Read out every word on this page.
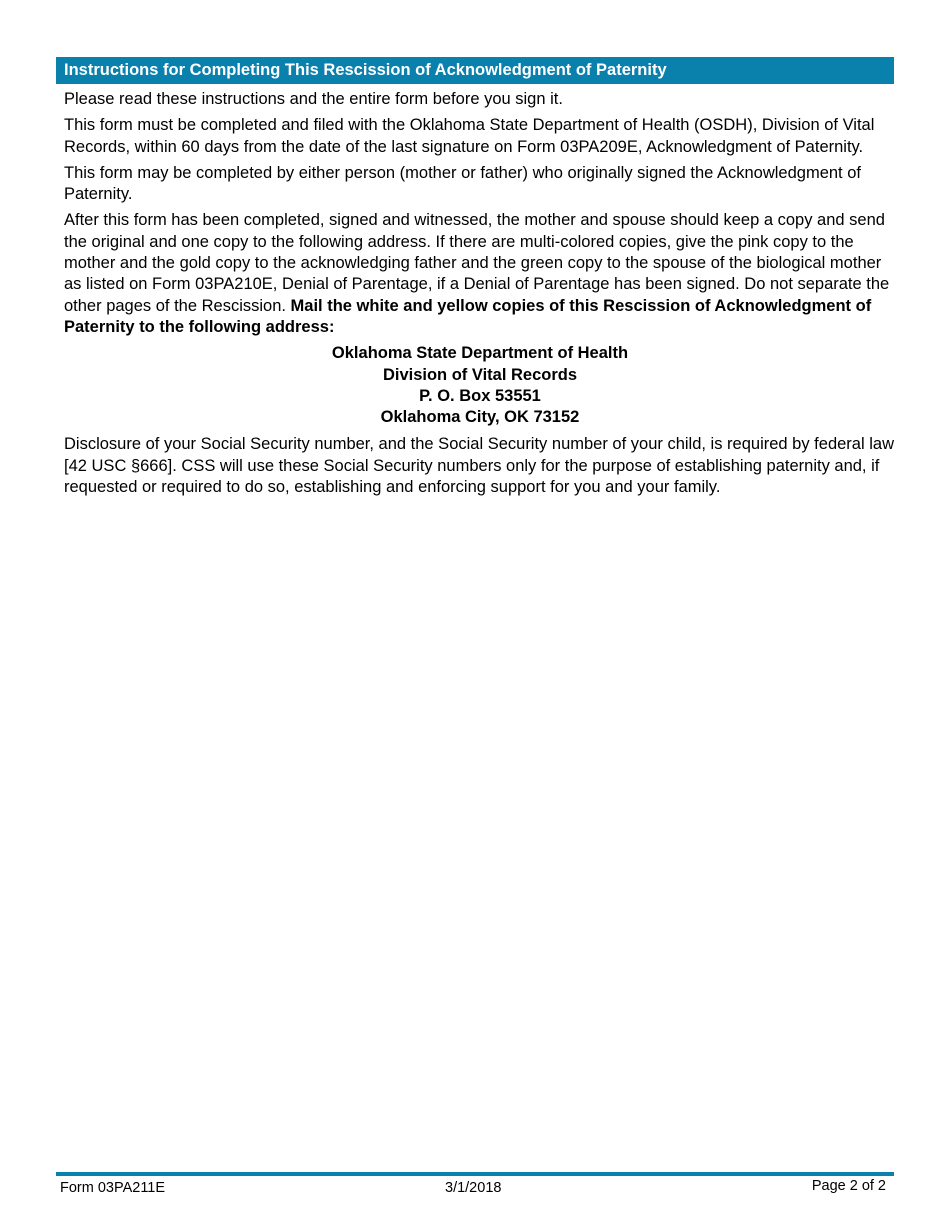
Instructions for Completing This Rescission of Acknowledgment of Paternity

Please read these instructions and the entire form before you sign it.

This form must be completed and filed with the Oklahoma State Department of Health (OSDH), Division of Vital Records, within 60 days from the date of the last signature on Form 03PA209E, Acknowledgment of Paternity.

This form may be completed by either person (mother or father) who originally signed the Acknowledgment of Paternity.

After this form has been completed, signed and witnessed, the mother and spouse should keep a copy and send the original and one copy to the following address. If there are multi-colored copies, give the pink copy to the mother and the gold copy to the acknowledging father and the green copy to the spouse of the biological mother as listed on Form 03PA210E, Denial of Parentage, if a Denial of Parentage has been signed. Do not separate the other pages of the Rescission. Mail the white and yellow copies of this Rescission of Acknowledgment of Paternity to the following address:

Oklahoma State Department of Health
Division of Vital Records
P. O. Box 53551
Oklahoma City, OK 73152

Disclosure of your Social Security number, and the Social Security number of your child, is required by federal law [42 USC §666]. CSS will use these Social Security numbers only for the purpose of establishing paternity and, if requested or required to do so, establishing and enforcing support for you and your family.

Form 03PA211E	3/1/2018	Page 2 of 2
